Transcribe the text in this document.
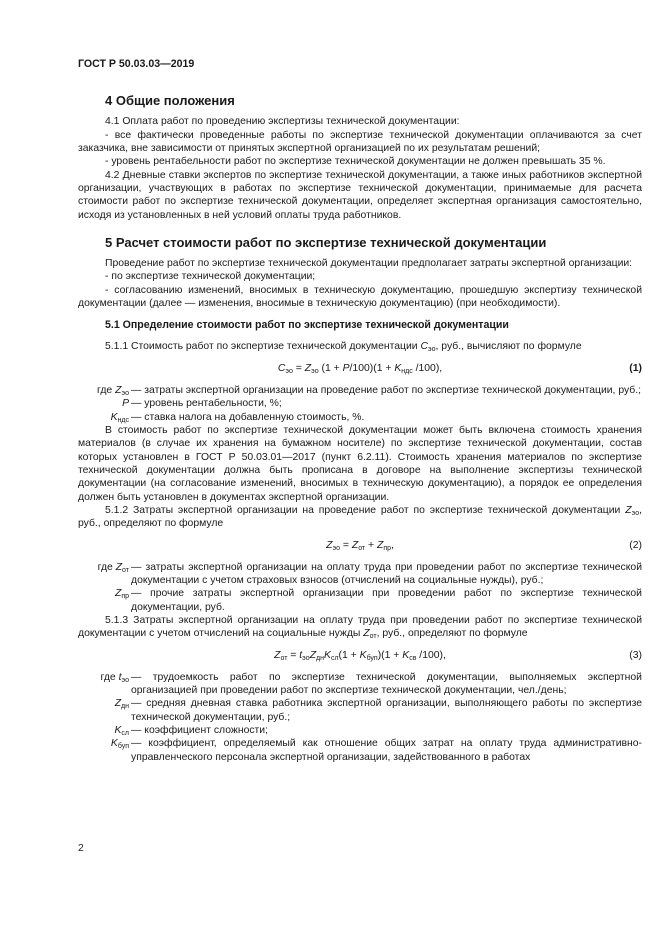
ГОСТ Р 50.03.03—2019
4 Общие положения

4.1 Оплата работ по проведению экспертизы технической документации:

- все фактически проведенные работы по экспертизе технической документации оплачиваются за счет заказчика, вне зависимости от принятых экспертной организацией по их результатам решений;

- уровень рентабельности работ по экспертизе технической документации не должен превышать 35 %.

4.2 Дневные ставки экспертов по экспертизе технической документации, а также иных работников экспертной организации, участвующих в работах по экспертизе технической документации, принимаемые для расчета стоимости работ по экспертизе технической документации, определяет экспертная организация самостоятельно, исходя из установленных в ней условий оплаты труда работников.

5 Расчет стоимости работ по экспертизе технической документации

Проведение работ по экспертизе технической документации предполагает затраты экспертной организации:

- по экспертизе технической документации;

- согласованию изменений, вносимых в техническую документацию, прошедшую экспертизу технической документации (далее — изменения, вносимые в техническую документацию) (при необходимости).

5.1 Определение стоимости работ по экспертизе технической документации

5.1.1 Стоимость работ по экспертизе технической документации $C_{эо}$, руб., вычисляют по формуле

$C_{эо} = Z_{эо}$ $(1 + P/100)(1 + K_{ндс}$ /100),	(1)
где $Z_{эо}$ — затраты экспертной организации на проведение работ по экспертизе технической документации, руб.;
P — уровень рентабельности, %;
$K_{ндс}$ — ставка налога на добавленную стоимость, %.

В стоимость работ по экспертизе технической документации может быть включена стоимость хранения материалов (в случае их хранения на бумажном носителе) по экспертизе технической документации, состав которых установлен в ГОСТ Р 50.03.01—2017 (пункт 6.2.11). Стоимость хранения материалов по экспертизе технической документации должна быть прописана в договоре на выполнение экспертизы технической документации (на согласование изменений, вносимых в техническую документацию), а порядок ее определения должен быть установлен в документах экспертной организации.

5.1.2 Затраты экспертной организации на проведение работ по экспертизе технической документации $Z_{эо}$, руб., определяют по формуле

$Z_{эо} = Z_{от} + Z_{пр}$,	(2)
где $Z_{от}$ — затраты экспертной организации на оплату труда при проведении работ по экспертизе технической документации с учетом страховых взносов (отчислений на социальные нужды), руб.;
$Z_{пр}$ — прочие затраты экспертной организации при проведении работ по экспертизе технической документации, руб.

5.1.3 Затраты экспертной организации на оплату труда при проведении работ по экспертизе технической документации с учетом отчислений на социальные нужды $Z_{от}$, руб., определяют по формуле

$Z_{от} = t_{эо}Z_{дн}K_{сл}(1 + K_{буп})(1 + K_{св}$ /100),	(3)
где $t_{эо}$ — трудоемкость работ по экспертизе технической документации, выполняемых экспертной организацией при проведении работ по экспертизе технической документации, чел./день;
$Z_{дн}$ — средняя дневная ставка работника экспертной организации, выполняющего работы по экспертизе технической документации, руб.;
$K_{сл}$ — коэффициент сложности;
$K_{буп}$ — коэффициент, определяемый как отношение общих затрат на оплату труда административно-управленческого персонала экспертной организации, задействованного в работах
2
